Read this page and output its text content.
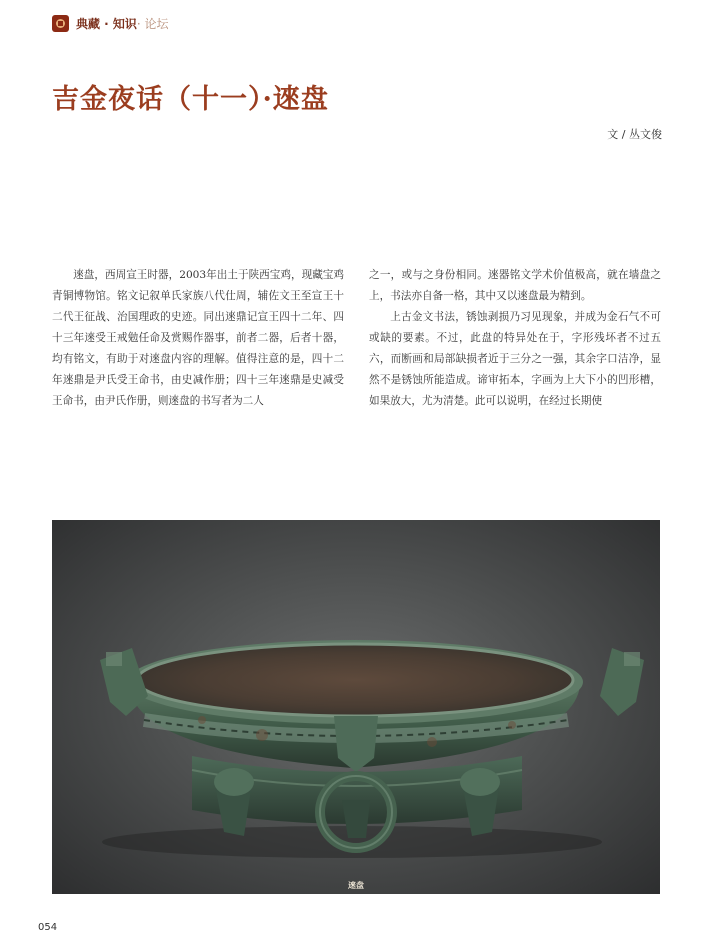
典藏 · 知识 · 论坛
吉金夜话（十一）·逨盘
文 / 丛文俊

逨盘，西周宣王时器，2003年出土于陕西宝鸡，现藏宝鸡青铜博物馆。铭文记叙单氏家族八代仕周，辅佐文王至宣王十二代王征战、治国理政的史迹。同出逨鼎记宣王四十二年、四十三年逨受王戒勉任命及赏赐作器事，前者二器，后者十器，均有铭文，有助于对逨盘内容的理解。值得注意的是，四十二年逨鼎是尹氏受王命书，由史减作册；四十三年逨鼎是史减受王命书，由尹氏作册，则逨盘的书写者为二人

之一，或与之身份相同。逨器铭文学术价值极高，就在墙盘之上，书法亦自备一格，其中又以逨盘最为精到。

上古金文书法，锈蚀剥损乃习见现象，并成为金石气不可或缺的要素。不过，此盘的特异处在于，字形残坏者不过五六，而断画和局部缺损者近于三分之一强，其余字口洁净，显然不是锈蚀所能造成。谛审拓本，字画为上大下小的凹形槽，如果放大，尤为清楚。此可以说明，在经过长期使

逨盘
054
